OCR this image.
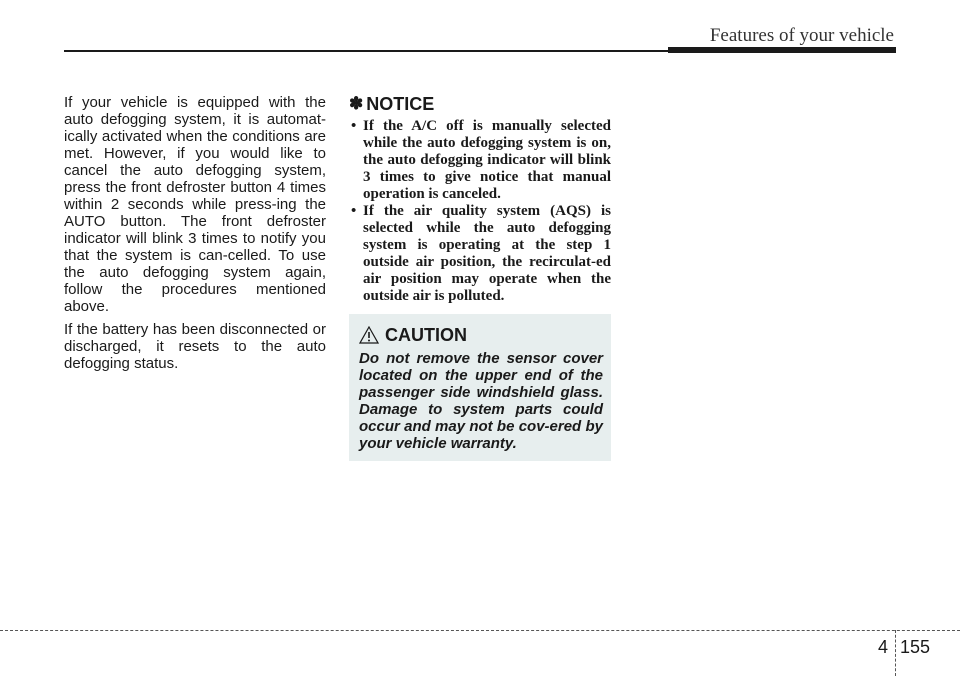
Features of your vehicle

If your vehicle is equipped with the auto defogging system, it is automat-ically activated when the conditions are met. However, if you would like to cancel the auto defogging system, press the front defroster button 4 times within 2 seconds while press-ing the AUTO button. The front defroster indicator will blink 3 times to notify you that the system is can-celled. To use the auto defogging system again, follow the procedures mentioned above.

If the battery has been disconnected or discharged, it resets to the auto defogging status.

✽ NOTICE
• If the A/C off is manually selected while the auto defogging system is on, the auto defogging indicator will blink 3 times to give notice that manual operation is canceled.
• If the air quality system (AQS) is selected while the auto defogging system is operating at the step 1 outside air position, the recirculat-ed air position may operate when the outside air is polluted.
CAUTION

Do not remove the sensor cover located on the upper end of the passenger side windshield glass. Damage to system parts could occur and may not be cov-ered by your vehicle warranty.

4 155
